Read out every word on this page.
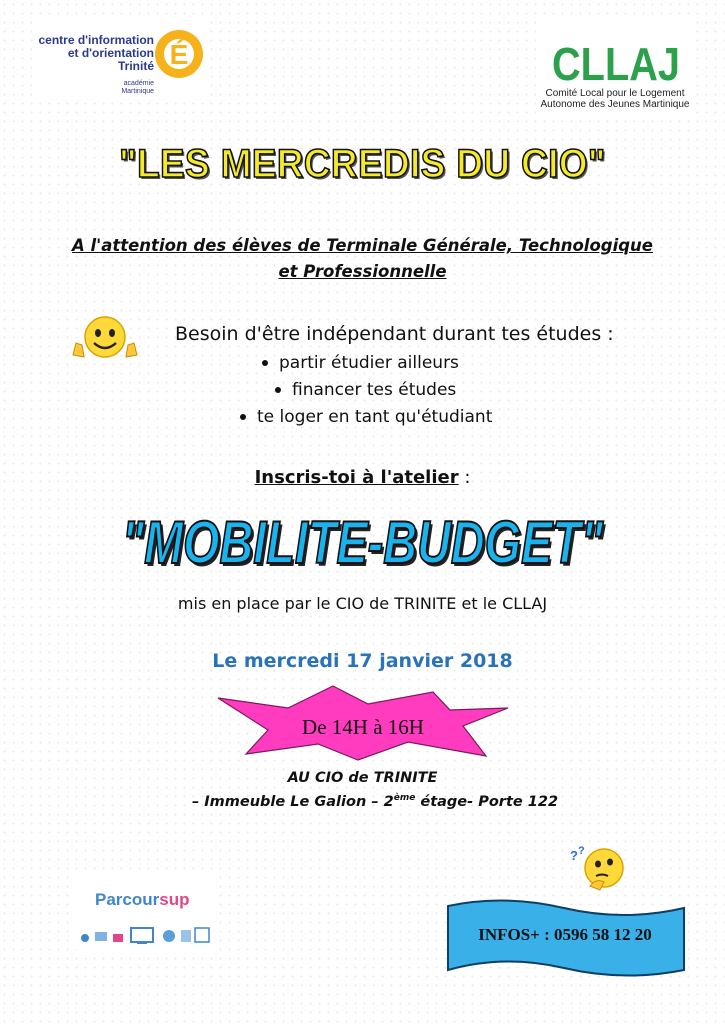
centre d'information
et d'orientation
Trinité
académie
Martinique
É	CLLAJ
Comité Local pour le Logement
Autonome des Jeunes Martinique
"LES MERCREDIS DU CIO"
A l'attention des élèves de Terminale Générale, Technologique
et Professionnelle
Besoin d'être indépendant durant tes études :
partir étudier ailleurs
financer tes études
te loger en tant qu'étudiant
Inscris-toi à l'atelier :
"MOBILITE-BUDGET"
mis en place par le CIO de TRINITE et le CLLAJ
Le mercredi 17 janvier 2018
De 14H à 16H
AU CIO de TRINITE
– Immeuble Le Galion – 2ème étage- Porte 122
? ?
Parcoursup
INFOS+ : 0596 58 12 20
